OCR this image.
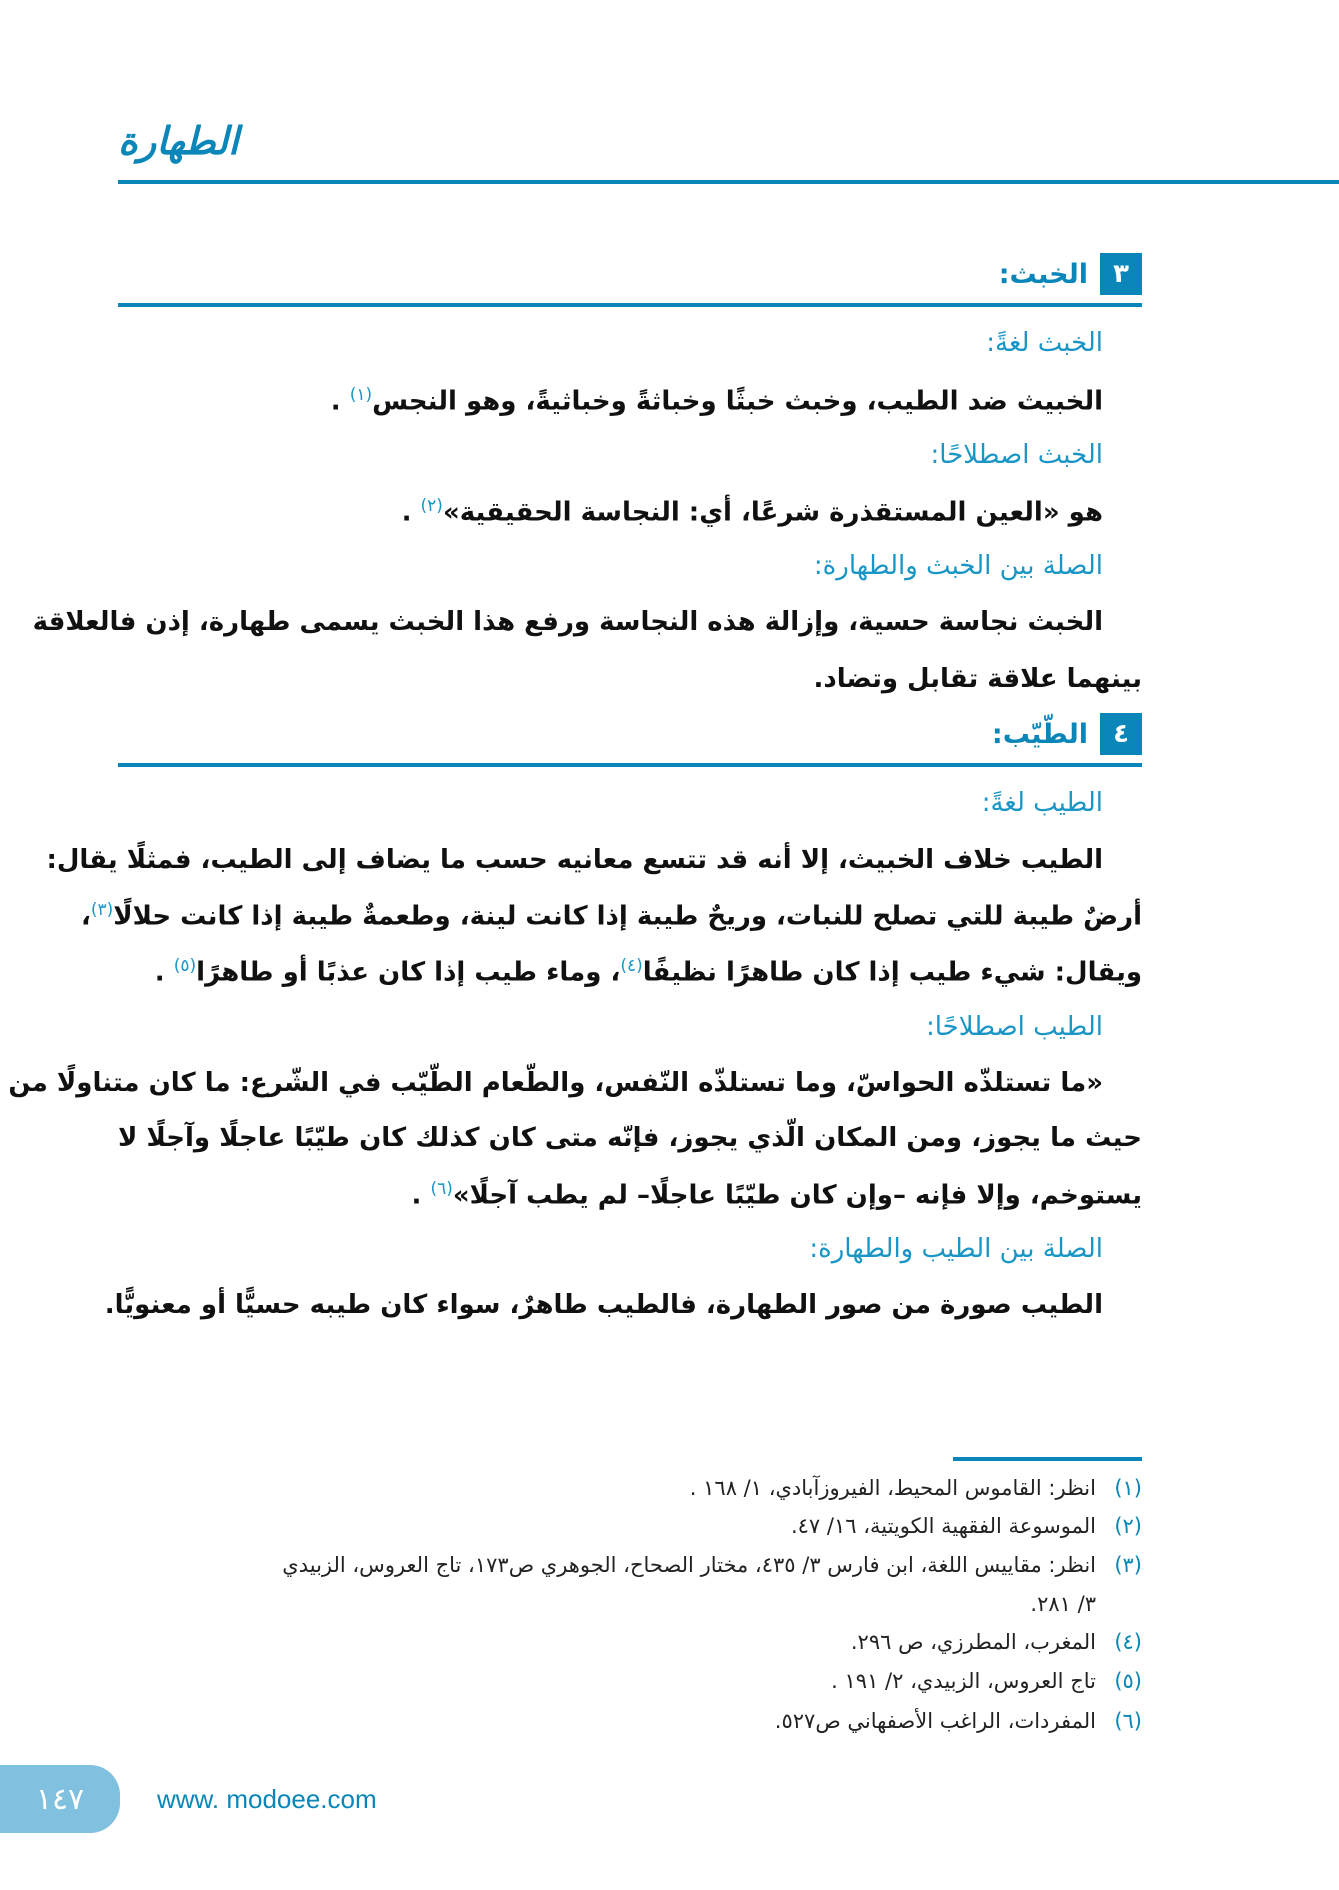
الطهارة
٣
الخبث:
الخبث لغةً:
الخبيث ضد الطيب، وخبث خبثًا وخباثةً وخباثيةً، وهو النجس$^{(١)}$ .
الخبث اصطلاحًا:
هو «العين المستقذرة شرعًا، أي: النجاسة الحقيقية»$^{(٢)}$ .
الصلة بين الخبث والطهارة:
الخبث نجاسة حسية، وإزالة هذه النجاسة ورفع هذا الخبث يسمى طهارة، إذن فالعلاقة
بينهما علاقة تقابل وتضاد.
٤
الطّيّب:
الطيب لغةً:
الطيب خلاف الخبيث، إلا أنه قد تتسع معانيه حسب ما يضاف إلى الطيب، فمثلًا يقال:
أرضٌ طيبة للتي تصلح للنبات، وريحٌ طيبة إذا كانت لينة، وطعمةٌ طيبة إذا كانت حلالًا$^{(٣)}$،
ويقال: شيء طيب إذا كان طاهرًا نظيفًا$^{(٤)}$، وماء طيب إذا كان عذبًا أو طاهرًا$^{(٥)}$ .
الطيب اصطلاحًا:
«ما تستلذّه الحواسّ، وما تستلذّه النّفس، والطّعام الطّيّب في الشّرع: ما كان متناولًا من
حيث ما يجوز، ومن المكان الّذي يجوز، فإنّه متى كان كذلك كان طيّبًا عاجلًا وآجلًا لا
يستوخم، وإلا فإنه –وإن كان طيّبًا عاجلًا– لم يطب آجلًا»$^{(٦)}$ .
الصلة بين الطيب والطهارة:
الطيب صورة من صور الطهارة، فالطيب طاهرٌ، سواء كان طيبه حسيًّا أو معنويًّا.
(١)انظر: القاموس المحيط، الفيروزآبادي، ١/ ١٦٨ .
(٢)الموسوعة الفقهية الكويتية، ١٦/ ٤٧.
(٣)انظر: مقاييس اللغة، ابن فارس ٣/ ٤٣٥، مختار الصحاح، الجوهري ص١٧٣، تاج العروس، الزبيدي
٣/ ٢٨١.
(٤)المغرب، المطرزي، ص ٢٩٦.
(٥)تاج العروس، الزبيدي، ٢/ ١٩١ .
(٦)المفردات، الراغب الأصفهاني ص٥٢٧.
١٤٧	www. modoee.com
